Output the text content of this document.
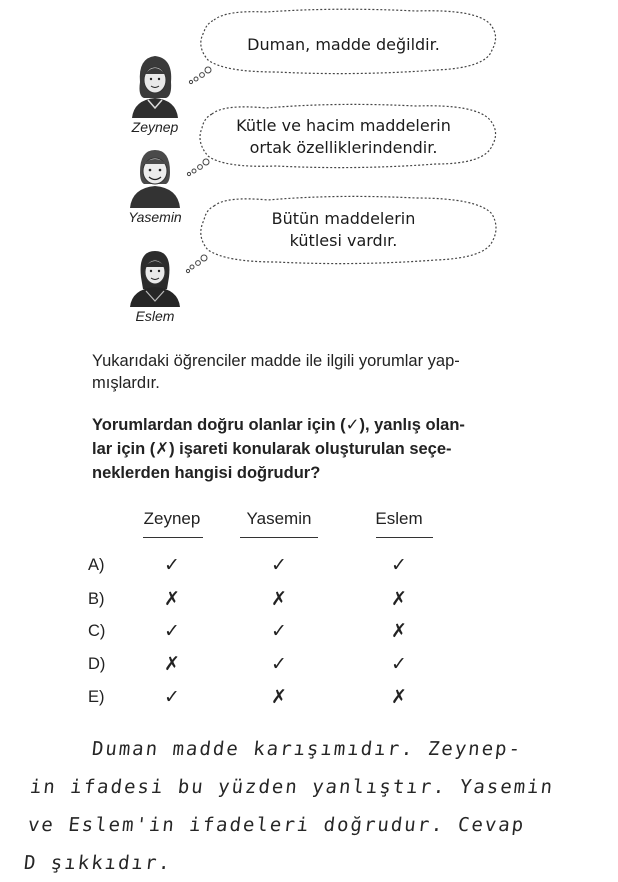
Zeynep
Yasemin
Eslem
Duman, madde değildir.
Kütle ve hacim maddelerin
ortak özelliklerindendir.
Bütün maddelerin
kütlesi vardır.
Yukarıdaki öğrenciler madde ile ilgili yorumlar yap-
mışlardır.
Yorumlardan doğru olanlar için (✓), yanlış olan-
lar için (✗) işareti konularak oluşturulan seçe-
neklerden hangisi doğrudur?
Zeynep	Yasemin	Eslem
A)	✓	✓	✓
B)	✗	✗	✗
C)	✓	✓	✗
D)	✗	✓	✓
E)	✓	✗	✗
Duman madde karışımıdır. Zeynep-
in ifadesi bu yüzden yanlıştır. Yasemin
ve Eslem'in ifadeleri doğrudur. Cevap
D şıkkıdır.
